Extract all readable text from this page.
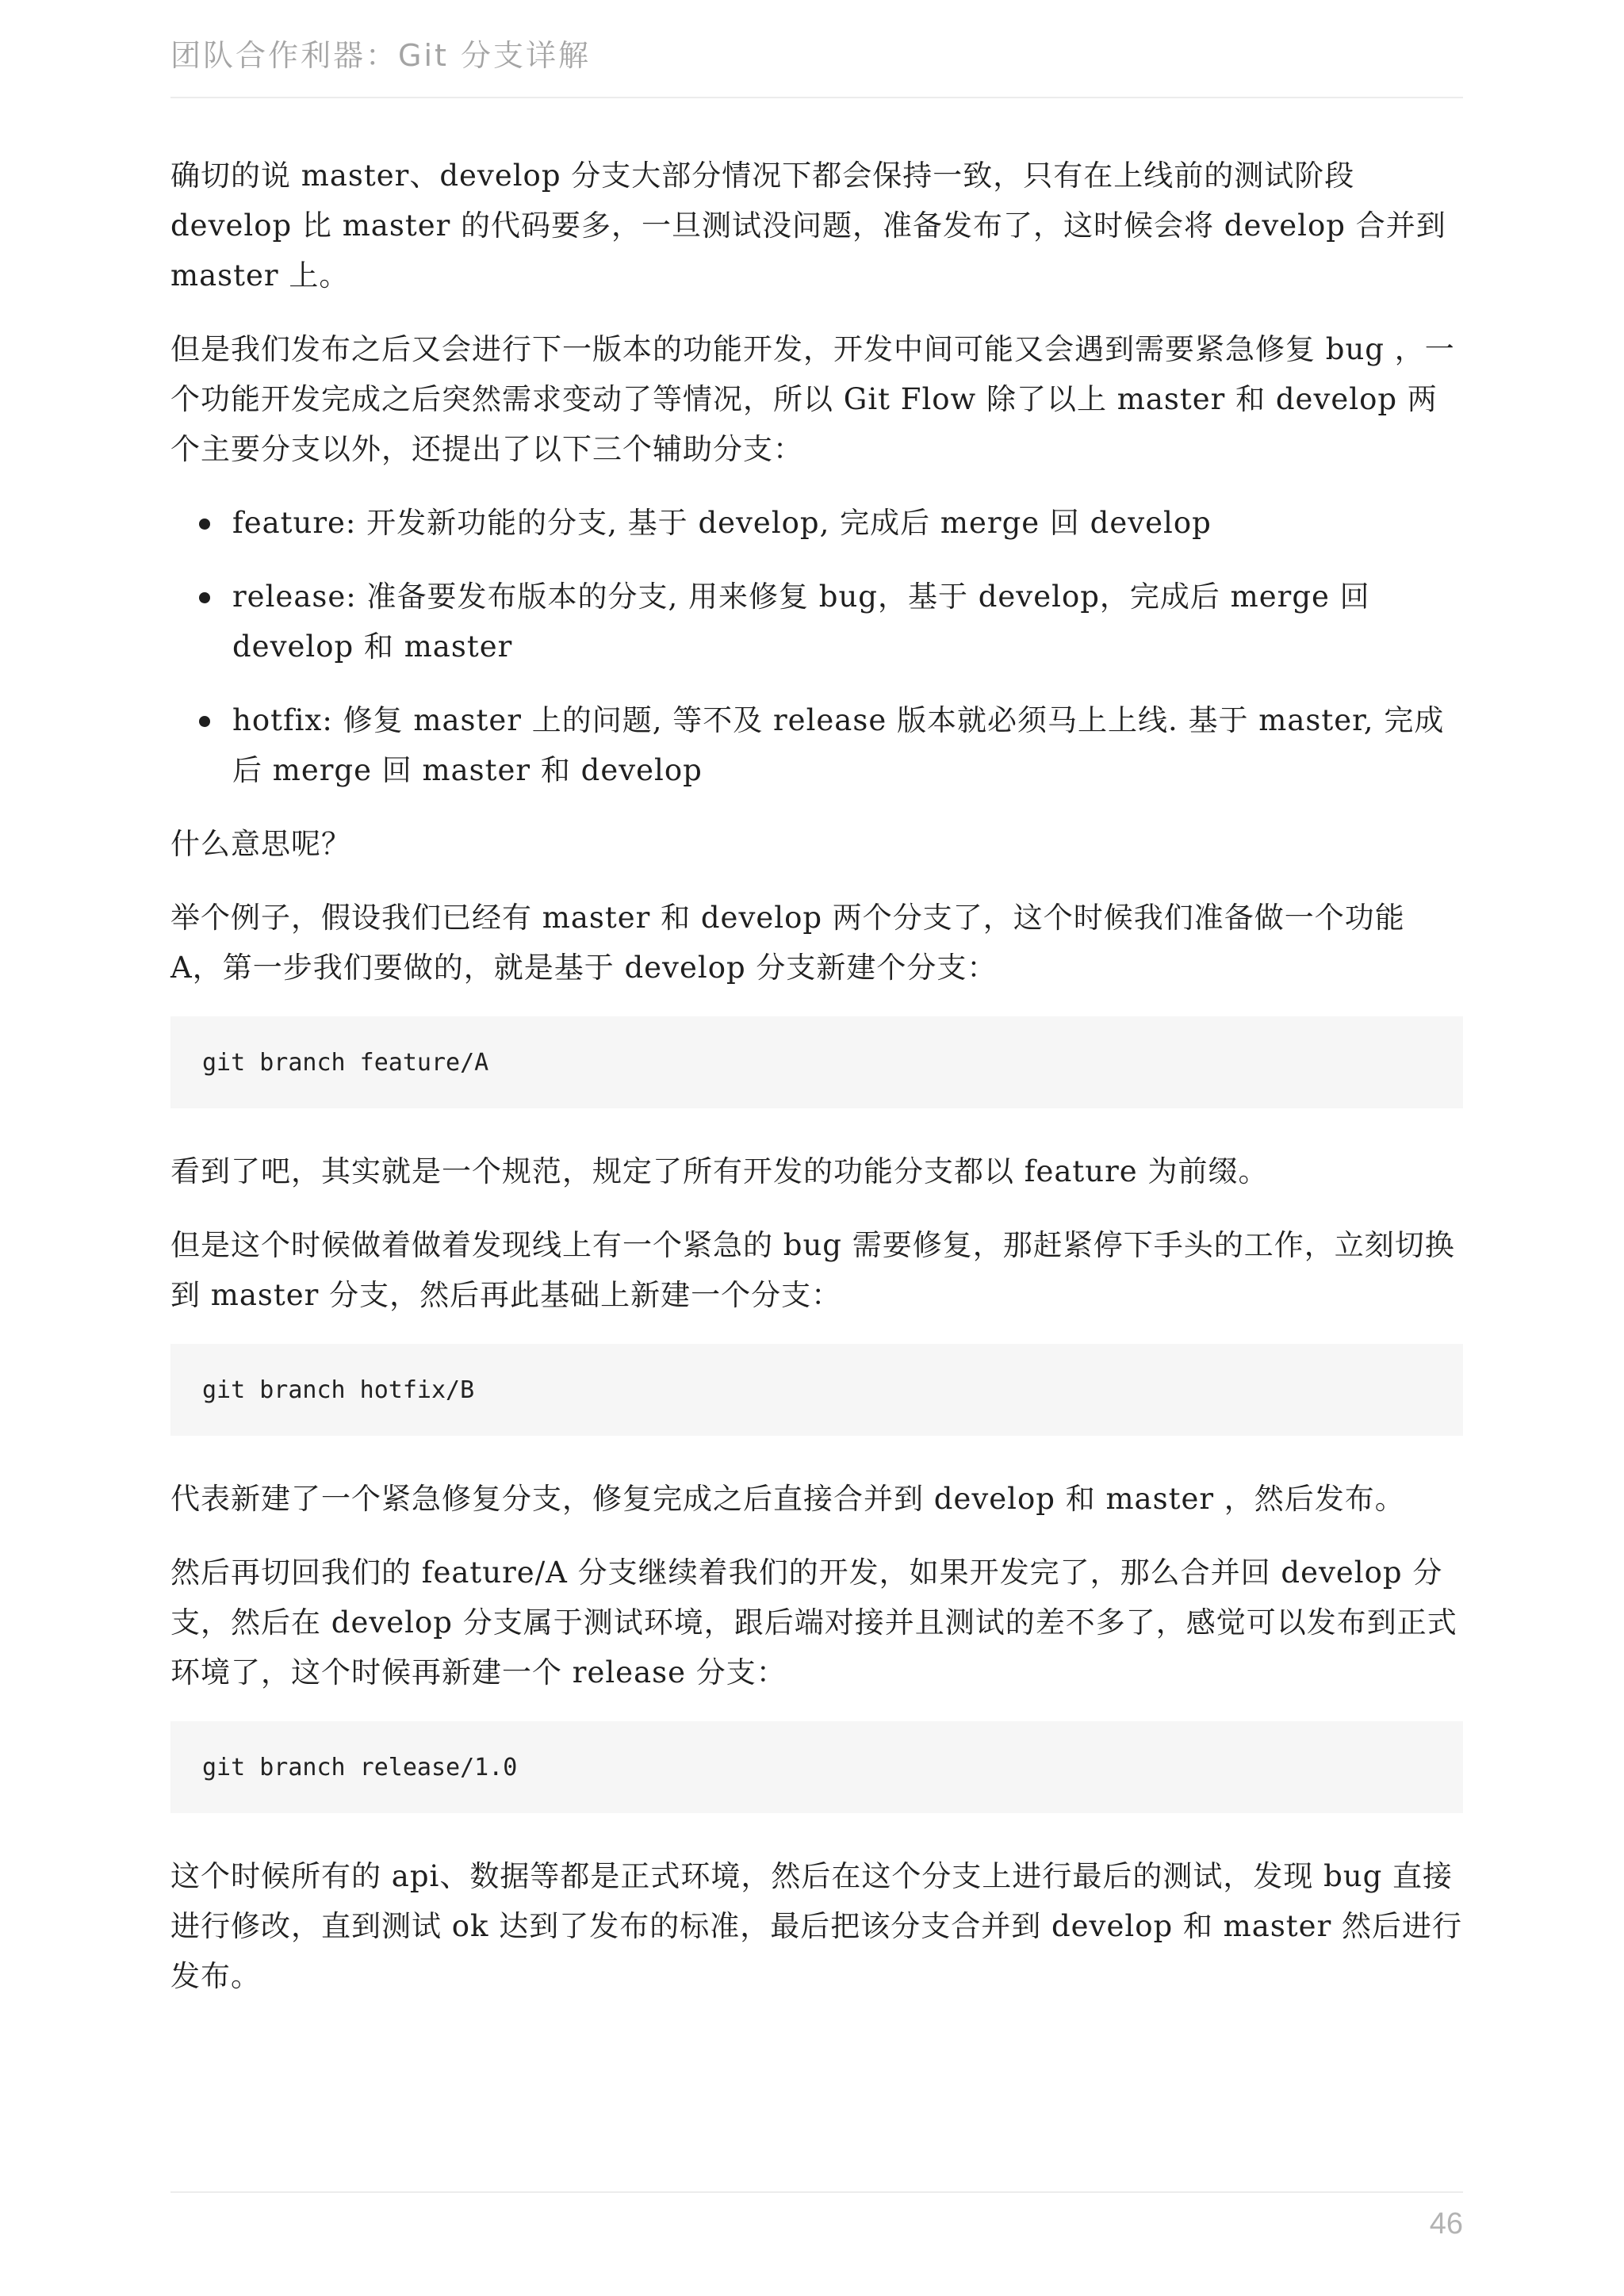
团队合作利器：Git 分支详解

确切的说 master、develop 分支大部分情况下都会保持一致，只有在上线前的测试阶段 develop 比 master 的代码要多，一旦测试没问题，准备发布了，这时候会将 develop 合并到 master 上。

但是我们发布之后又会进行下一版本的功能开发，开发中间可能又会遇到需要紧急修复 bug ，一个功能开发完成之后突然需求变动了等情况，所以 Git Flow 除了以上 master 和 develop 两个主要分支以外，还提出了以下三个辅助分支：

feature: 开发新功能的分支, 基于 develop, 完成后 merge 回 develop
release: 准备要发布版本的分支, 用来修复 bug，基于 develop，完成后 merge 回 develop 和 master
hotfix: 修复 master 上的问题, 等不及 release 版本就必须马上上线. 基于 master, 完成后 merge 回 master 和 develop

什么意思呢？

举个例子，假设我们已经有 master 和 develop 两个分支了，这个时候我们准备做一个功能 A，第一步我们要做的，就是基于 develop 分支新建个分支：

git branch feature/A

看到了吧，其实就是一个规范，规定了所有开发的功能分支都以 feature 为前缀。

但是这个时候做着做着发现线上有一个紧急的 bug 需要修复，那赶紧停下手头的工作，立刻切换到 master 分支，然后再此基础上新建一个分支：

git branch hotfix/B

代表新建了一个紧急修复分支，修复完成之后直接合并到 develop 和 master ，然后发布。

然后再切回我们的 feature/A 分支继续着我们的开发，如果开发完了，那么合并回 develop 分支，然后在 develop 分支属于测试环境，跟后端对接并且测试的差不多了，感觉可以发布到正式环境了，这个时候再新建一个 release 分支：

git branch release/1.0

这个时候所有的 api、数据等都是正式环境，然后在这个分支上进行最后的测试，发现 bug 直接进行修改，直到测试 ok 达到了发布的标准，最后把该分支合并到 develop 和 master 然后进行发布。

46
